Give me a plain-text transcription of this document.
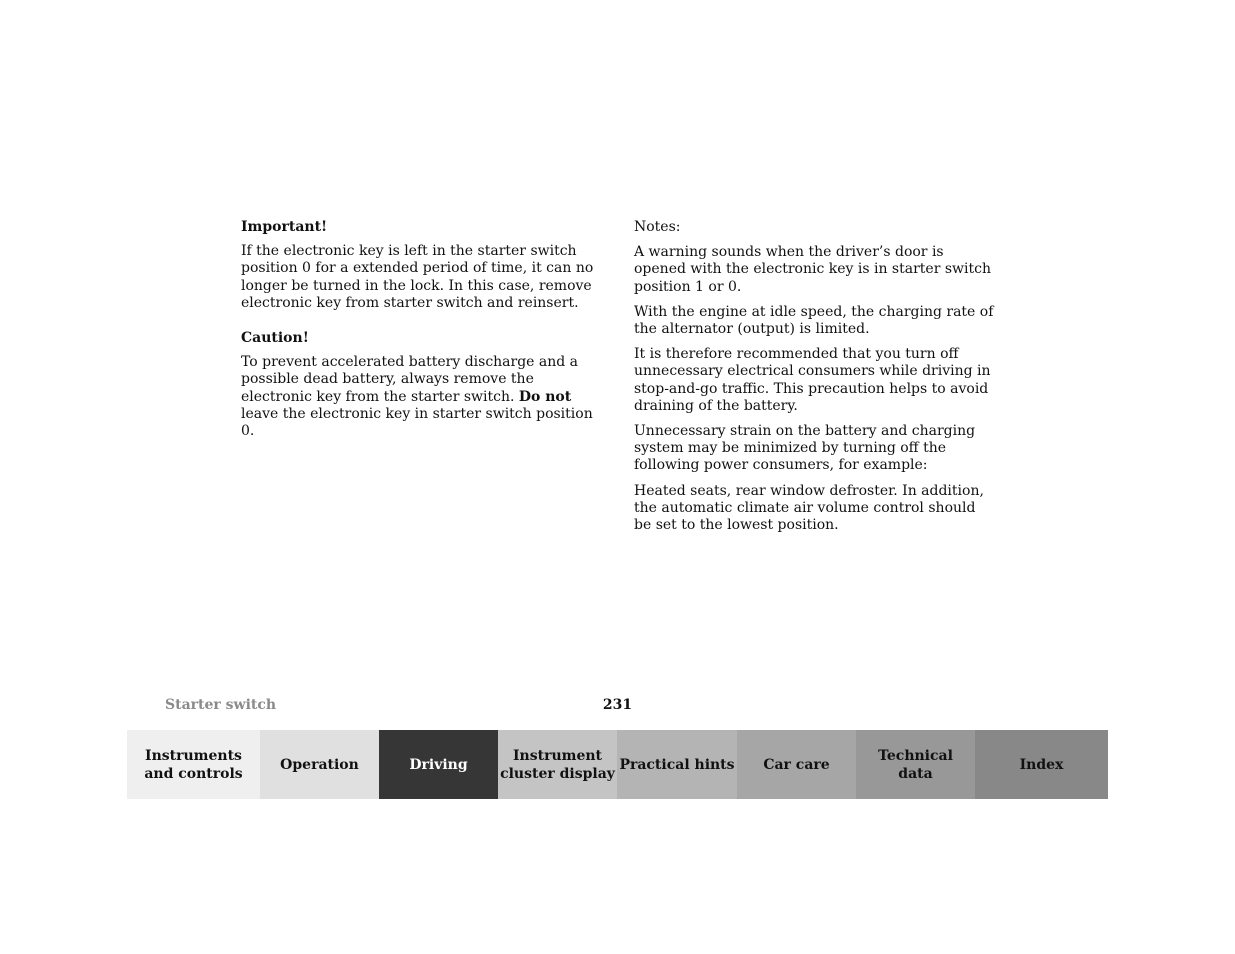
Important!
If the electronic key is left in the starter switch position 0 for a extended period of time, it can no longer be turned in the lock. In this case, remove electronic key from starter switch and reinsert.
Caution!
To prevent accelerated battery discharge and a possible dead battery, always remove the electronic key from the starter switch. Do not leave the electronic key in starter switch position 0.
Notes:
A warning sounds when the driver’s door is opened with the electronic key is in starter switch position 1 or 0.
With the engine at idle speed, the charging rate of the alternator (output) is limited.
It is therefore recommended that you turn off unnecessary electrical consumers while driving in stop-and-go traffic. This precaution helps to avoid draining of the battery.
Unnecessary strain on the battery and charging system may be minimized by turning off the following power consumers, for example:
Heated seats, rear window defroster. In addition, the automatic climate air volume control should be set to the lowest position.
Starter switch	231
Instruments
and controls
Operation	Driving
Instrument
cluster display
Practical hints	Car care
Technical
data
Index
